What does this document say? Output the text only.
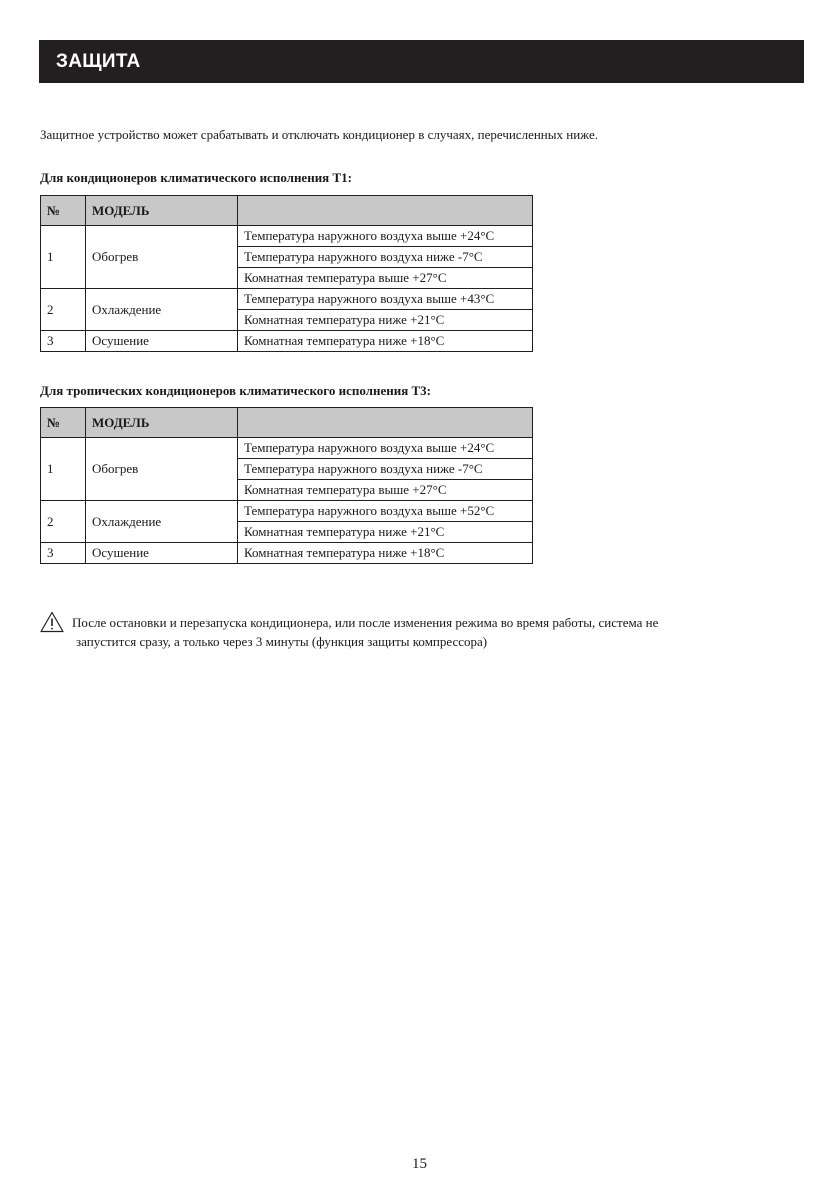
ЗАЩИТА
Защитное устройство может срабатывать и отключать кондиционер в случаях, перечисленных ниже.
Для кондиционеров климатического исполнения T1:
№	МОДЕЛЬ	
1	Обогрев	Температура наружного воздуха выше +24°C
		Температура наружного воздуха ниже -7°C
		Комнатная температура выше +27°C
2	Охлаждение	Температура наружного воздуха выше +43°C
		Комнатная температура ниже +21°C
3	Осушение	Комнатная температура ниже +18°C
Для тропических кондиционеров климатического исполнения T3:
№	МОДЕЛЬ	
1	Обогрев	Температура наружного воздуха выше +24°C
		Температура наружного воздуха ниже -7°C
		Комнатная температура выше +27°C
2	Охлаждение	Температура наружного воздуха выше +52°C
		Комнатная температура ниже +21°C
3	Осушение	Комнатная температура ниже +18°C
После остановки и перезапуска кондиционера, или после изменения режима во время работы, система не
запустится сразу, а только через 3 минуты (функция защиты компрессора)
15
